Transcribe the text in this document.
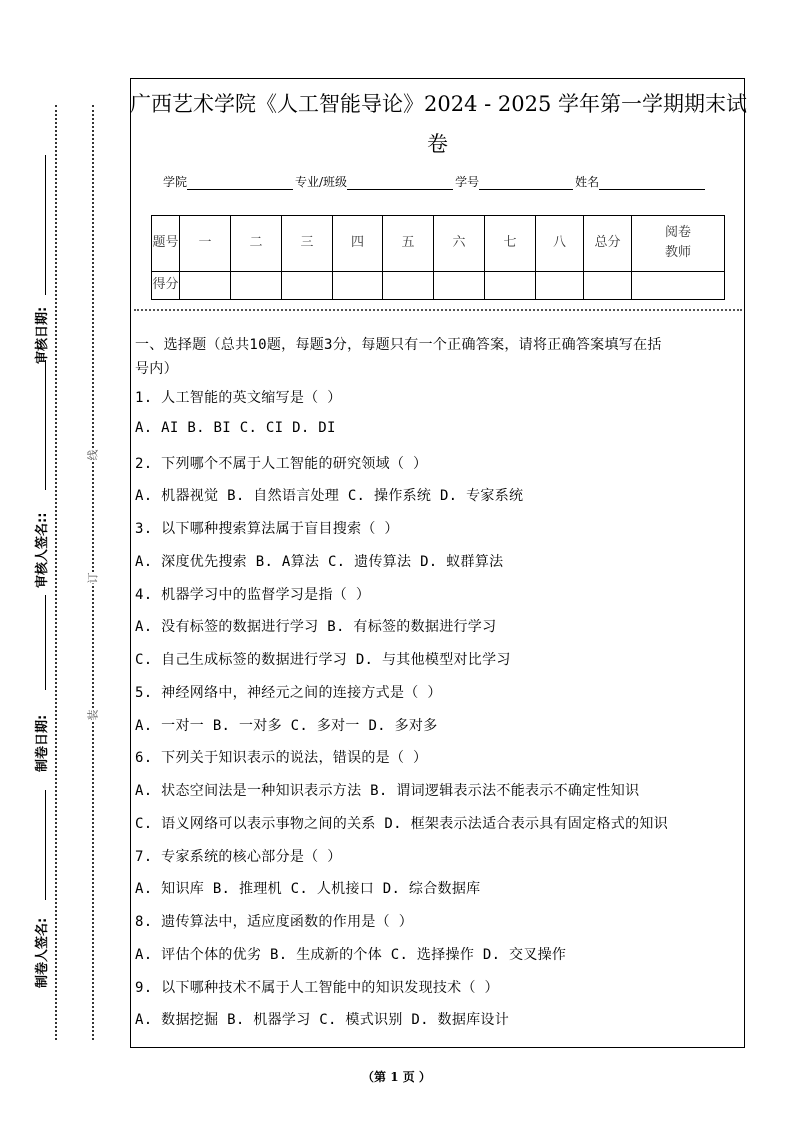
审核日期:
审核人签名::
制卷日期:
制卷人签名:
线
订
装
广西艺术学院《人工智能导论》2024 - 2025 学年第一学期期末试
卷
学院	专业/班级	学号	姓名
题号	一	二	三	四	五	六	七	八	总分	阅卷教师
得分										
一、选择题（总共10题，每题3分，每题只有一个正确答案，请将正确答案填写在括
号内）
1. 人工智能的英文缩写是（ ）
A. AI B. BI C. CI D. DI
2. 下列哪个不属于人工智能的研究领域（ ）
A. 机器视觉 B. 自然语言处理 C. 操作系统 D. 专家系统
3. 以下哪种搜索算法属于盲目搜索（ ）
A. 深度优先搜索 B. A算法 C. 遗传算法 D. 蚁群算法
4. 机器学习中的监督学习是指（ ）
A. 没有标签的数据进行学习 B. 有标签的数据进行学习
C. 自己生成标签的数据进行学习 D. 与其他模型对比学习
5. 神经网络中，神经元之间的连接方式是（ ）
A. 一对一 B. 一对多 C. 多对一 D. 多对多
6. 下列关于知识表示的说法，错误的是（ ）
A. 状态空间法是一种知识表示方法 B. 谓词逻辑表示法不能表示不确定性知识
C. 语义网络可以表示事物之间的关系 D. 框架表示法适合表示具有固定格式的知识
7. 专家系统的核心部分是（ ）
A. 知识库 B. 推理机 C. 人机接口 D. 综合数据库
8. 遗传算法中，适应度函数的作用是（ ）
A. 评估个体的优劣 B. 生成新的个体 C. 选择操作 D. 交叉操作
9. 以下哪种技术不属于人工智能中的知识发现技术（ ）
A. 数据挖掘 B. 机器学习 C. 模式识别 D. 数据库设计
（第 1 页 ）
